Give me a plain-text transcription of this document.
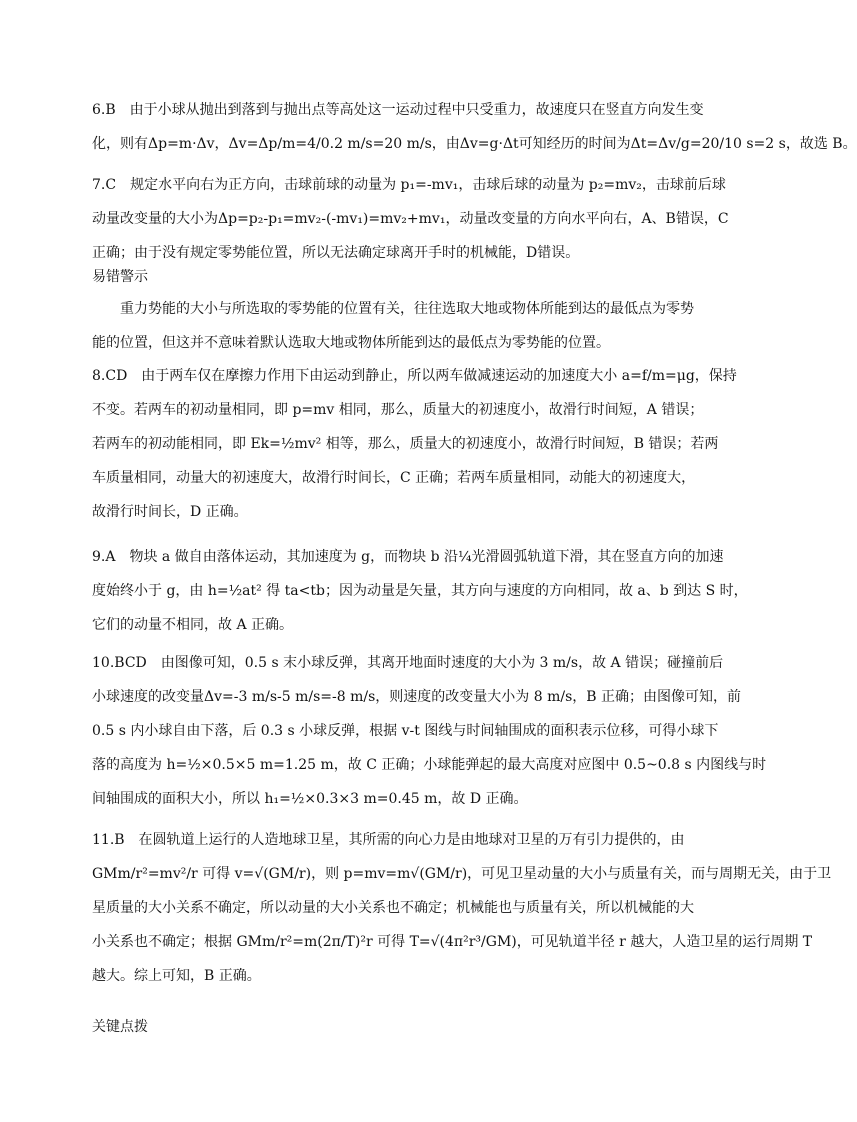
6.B　由于小球从抛出到落到与抛出点等高处这一运动过程中只受重力，故速度只在竖直方向发生变
化，则有Δp=m·Δv，Δv=Δp/m=4/0.2 m/s=20 m/s，由Δv=g·Δt可知经历的时间为Δt=Δv/g=20/10 s=2 s，故选 B。
7.C　规定水平向右为正方向，击球前球的动量为 p₁=-mv₁，击球后球的动量为 p₂=mv₂，击球前后球
动量改变量的大小为Δp=p₂-p₁=mv₂-(-mv₁)=mv₂+mv₁，动量改变量的方向水平向右，A、B错误，C
正确；由于没有规定零势能位置，所以无法确定球离开手时的机械能，D错误。
易错警示
重力势能的大小与所选取的零势能的位置有关，往往选取大地或物体所能到达的最低点为零势
能的位置，但这并不意味着默认选取大地或物体所能到达的最低点为零势能的位置。
8.CD　由于两车仅在摩擦力作用下由运动到静止，所以两车做减速运动的加速度大小 a=f/m=μg，保持
不变。若两车的初动量相同，即 p=mv 相同，那么，质量大的初速度小，故滑行时间短，A 错误；
若两车的初动能相同，即 Ek=½mv² 相等，那么，质量大的初速度小，故滑行时间短，B 错误；若两
车质量相同，动量大的初速度大，故滑行时间长，C 正确；若两车质量相同，动能大的初速度大，
故滑行时间长，D 正确。
9.A　物块 a 做自由落体运动，其加速度为 g，而物块 b 沿¼光滑圆弧轨道下滑，其在竖直方向的加速
度始终小于 g，由 h=½at² 得 ta<tb；因为动量是矢量，其方向与速度的方向相同，故 a、b 到达 S 时，
它们的动量不相同，故 A 正确。
10.BCD　由图像可知，0.5 s 末小球反弹，其离开地面时速度的大小为 3 m/s，故 A 错误；碰撞前后
小球速度的改变量Δv=-3 m/s-5 m/s=-8 m/s，则速度的改变量大小为 8 m/s，B 正确；由图像可知，前
0.5 s 内小球自由下落，后 0.3 s 小球反弹，根据 v-t 图线与时间轴围成的面积表示位移，可得小球下
落的高度为 h=½×0.5×5 m=1.25 m，故 C 正确；小球能弹起的最大高度对应图中 0.5~0.8 s 内图线与时
间轴围成的面积大小，所以 h₁=½×0.3×3 m=0.45 m，故 D 正确。
11.B　在圆轨道上运行的人造地球卫星，其所需的向心力是由地球对卫星的万有引力提供的，由
GMm/r²=mv²/r 可得 v=√(GM/r)，则 p=mv=m√(GM/r)，可见卫星动量的大小与质量有关，而与周期无关，由于卫
星质量的大小关系不确定，所以动量的大小关系也不确定；机械能也与质量有关，所以机械能的大
小关系也不确定；根据 GMm/r²=m(2π/T)²r 可得 T=√(4π²r³/GM)，可见轨道半径 r 越大，人造卫星的运行周期 T
越大。综上可知，B 正确。
关键点拨
